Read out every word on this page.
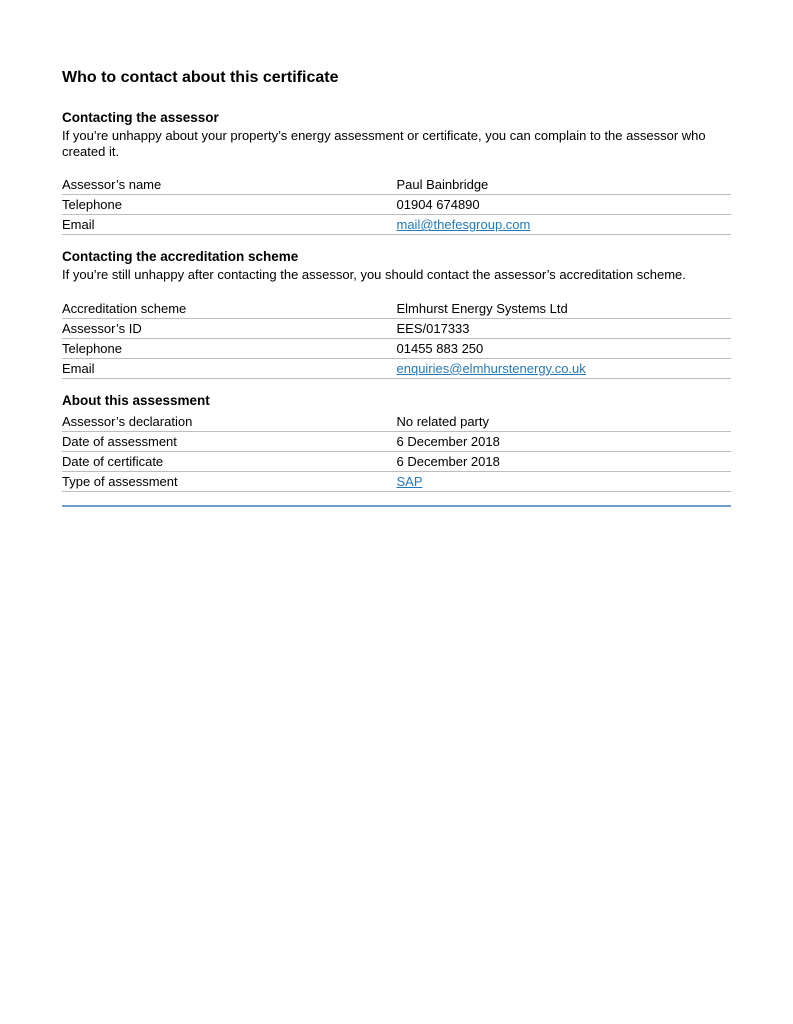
Who to contact about this certificate
Contacting the assessor

If you’re unhappy about your property’s energy assessment or certificate, you can complain to the assessor who created it.

Assessor’s name	Paul Bainbridge
Telephone	01904 674890
Email	mail@thefesgroup.com
Contacting the accreditation scheme

If you’re still unhappy after contacting the assessor, you should contact the assessor’s accreditation scheme.

Accreditation scheme	Elmhurst Energy Systems Ltd
Assessor’s ID	EES/017333
Telephone	01455 883 250
Email	enquiries@elmhurstenergy.co.uk
About this assessment
Assessor’s declaration	No related party
Date of assessment	6 December 2018
Date of certificate	6 December 2018
Type of assessment	SAP
